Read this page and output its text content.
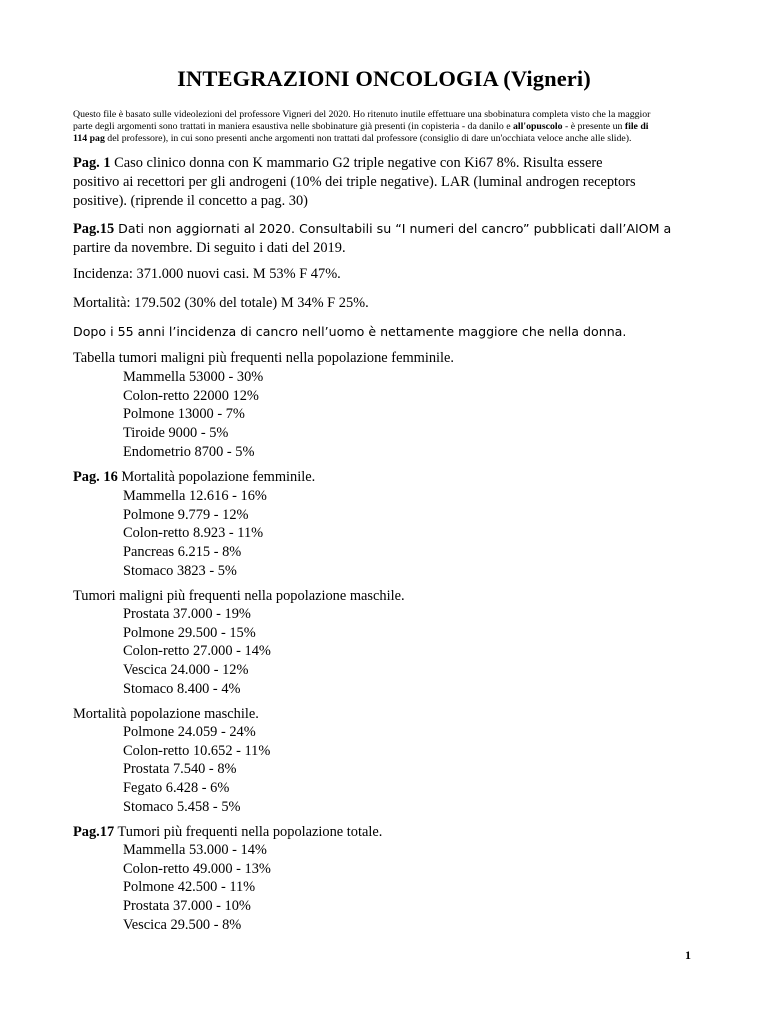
INTEGRAZIONI ONCOLOGIA (Vigneri)
Questo file è basato sulle videolezioni del professore Vigneri del 2020. Ho ritenuto inutile effettuare una sbobinatura completa visto che la maggior
parte degli argomenti sono trattati in maniera esaustiva nelle sbobinature già presenti (in copisteria - da danilo e all'opuscolo - è presente un file di
114 pag del professore), in cui sono presenti anche argomenti non trattati dal professore (consiglio di dare un'occhiata veloce anche alle slide).
Pag. 1 Caso clinico donna con K mammario G2 triple negative con Ki67 8%. Risulta essere
positivo ai recettori per gli androgeni (10% dei triple negative). LAR (luminal androgen receptors
positive). (riprende il concetto a pag. 30)
Pag.15 Dati non aggiornati al 2020. Consultabili su “I numeri del cancro” pubblicati dall’AIOM a
partire da novembre. Di seguito i dati del 2019.
Incidenza: 371.000 nuovi casi. M 53% F 47%.
Mortalità: 179.502 (30% del totale) M 34% F 25%.
Dopo i 55 anni l’incidenza di cancro nell’uomo è nettamente maggiore che nella donna.
Tabella tumori maligni più frequenti nella popolazione femminile.
Mammella 53000 - 30%
Colon-retto 22000 12%
Polmone 13000 - 7%
Tiroide 9000 - 5%
Endometrio 8700 - 5%
Pag. 16 Mortalità popolazione femminile.
Mammella 12.616 - 16%
Polmone 9.779 - 12%
Colon-retto 8.923 - 11%
Pancreas 6.215 - 8%
Stomaco 3823 - 5%
Tumori maligni più frequenti nella popolazione maschile.
Prostata 37.000 - 19%
Polmone 29.500 - 15%
Colon-retto 27.000 - 14%
Vescica 24.000 - 12%
Stomaco 8.400 - 4%
Mortalità popolazione maschile.
Polmone 24.059 - 24%
Colon-retto 10.652 - 11%
Prostata 7.540 - 8%
Fegato 6.428 - 6%
Stomaco 5.458 - 5%
Pag.17 Tumori più frequenti nella popolazione totale.
Mammella 53.000 - 14%
Colon-retto 49.000 - 13%
Polmone 42.500 - 11%
Prostata 37.000 - 10%
Vescica 29.500 - 8%
1
